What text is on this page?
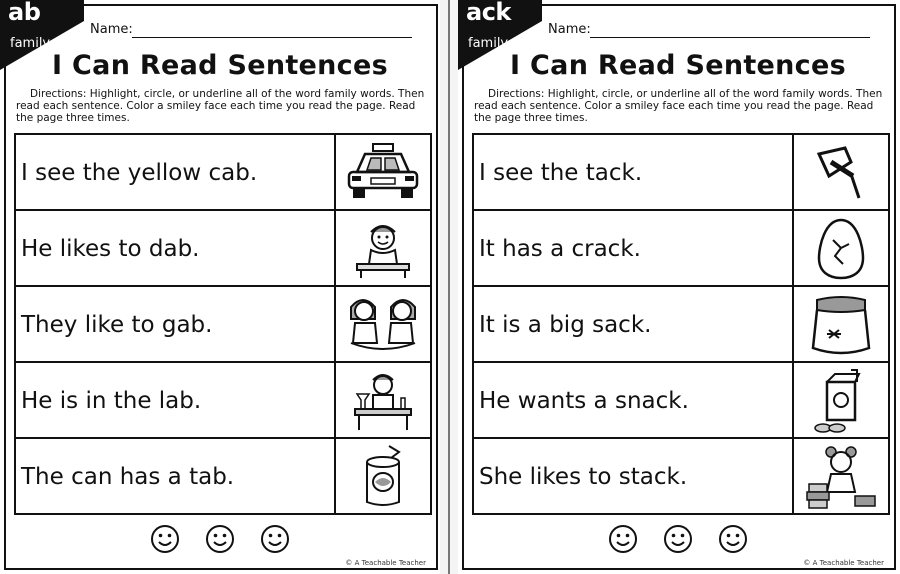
ab
family
Name:
I Can Read Sentences
Directions: Highlight, circle, or underline all of the word family words. Then read each sentence. Color a smiley face each time you read the page. Read the page three times.
I see the yellow cab.
He likes to dab.
They like to gab.
He is in the lab.
The can has a tab.

© A Teachable Teacher
ack
family
Name:
I Can Read Sentences
Directions: Highlight, circle, or underline all of the word family words. Then read each sentence. Color a smiley face each time you read the page. Read the page three times.
I see the tack.
It has a crack.
It is a big sack.
He wants a snack.
She likes to stack.

© A Teachable Teacher
